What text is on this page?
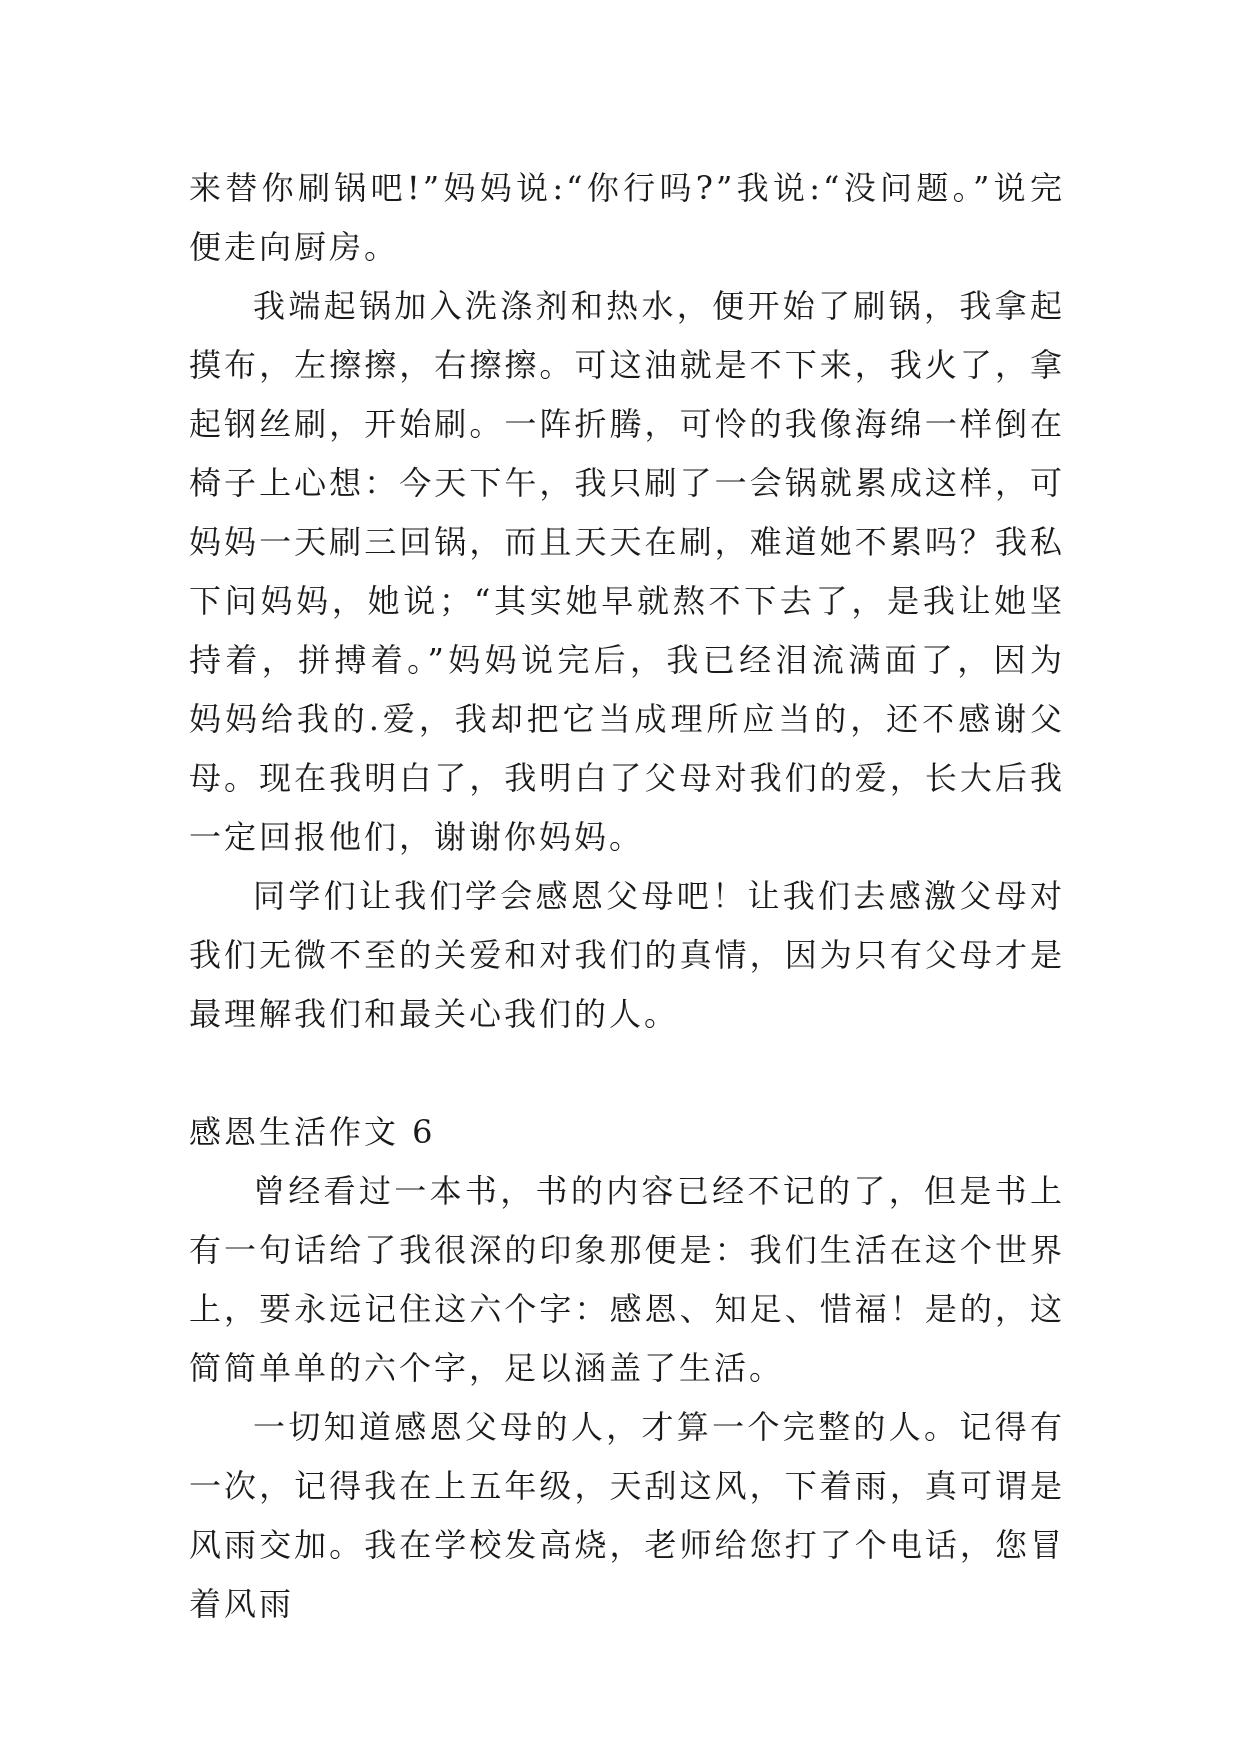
来替你刷锅吧!”妈妈说:“你行吗?”我说:“没问题。”说完便走向厨房。

我端起锅加入洗涤剂和热水，便开始了刷锅，我拿起摸布，左擦擦，右擦擦。可这油就是不下来，我火了，拿起钢丝刷，开始刷。一阵折腾，可怜的我像海绵一样倒在椅子上心想：今天下午，我只刷了一会锅就累成这样，可妈妈一天刷三回锅，而且天天在刷，难道她不累吗？我私下问妈妈，她说；“其实她早就熬不下去了，是我让她坚持着，拼搏着。”妈妈说完后，我已经泪流满面了，因为妈妈给我的.爱，我却把它当成理所应当的，还不感谢父母。现在我明白了，我明白了父母对我们的爱，长大后我一定回报他们，谢谢你妈妈。

同学们让我们学会感恩父母吧！让我们去感激父母对我们无微不至的关爱和对我们的真情，因为只有父母才是最理解我们和最关心我们的人。

感恩生活作文 6

曾经看过一本书，书的内容已经不记的了，但是书上有一句话给了我很深的印象那便是：我们生活在这个世界上，要永远记住这六个字：感恩、知足、惜福！是的，这简简单单的六个字，足以涵盖了生活。

一切知道感恩父母的人，才算一个完整的人。记得有一次，记得我在上五年级，天刮这风，下着雨，真可谓是风雨交加。我在学校发高烧，老师给您打了个电话，您冒着风雨
